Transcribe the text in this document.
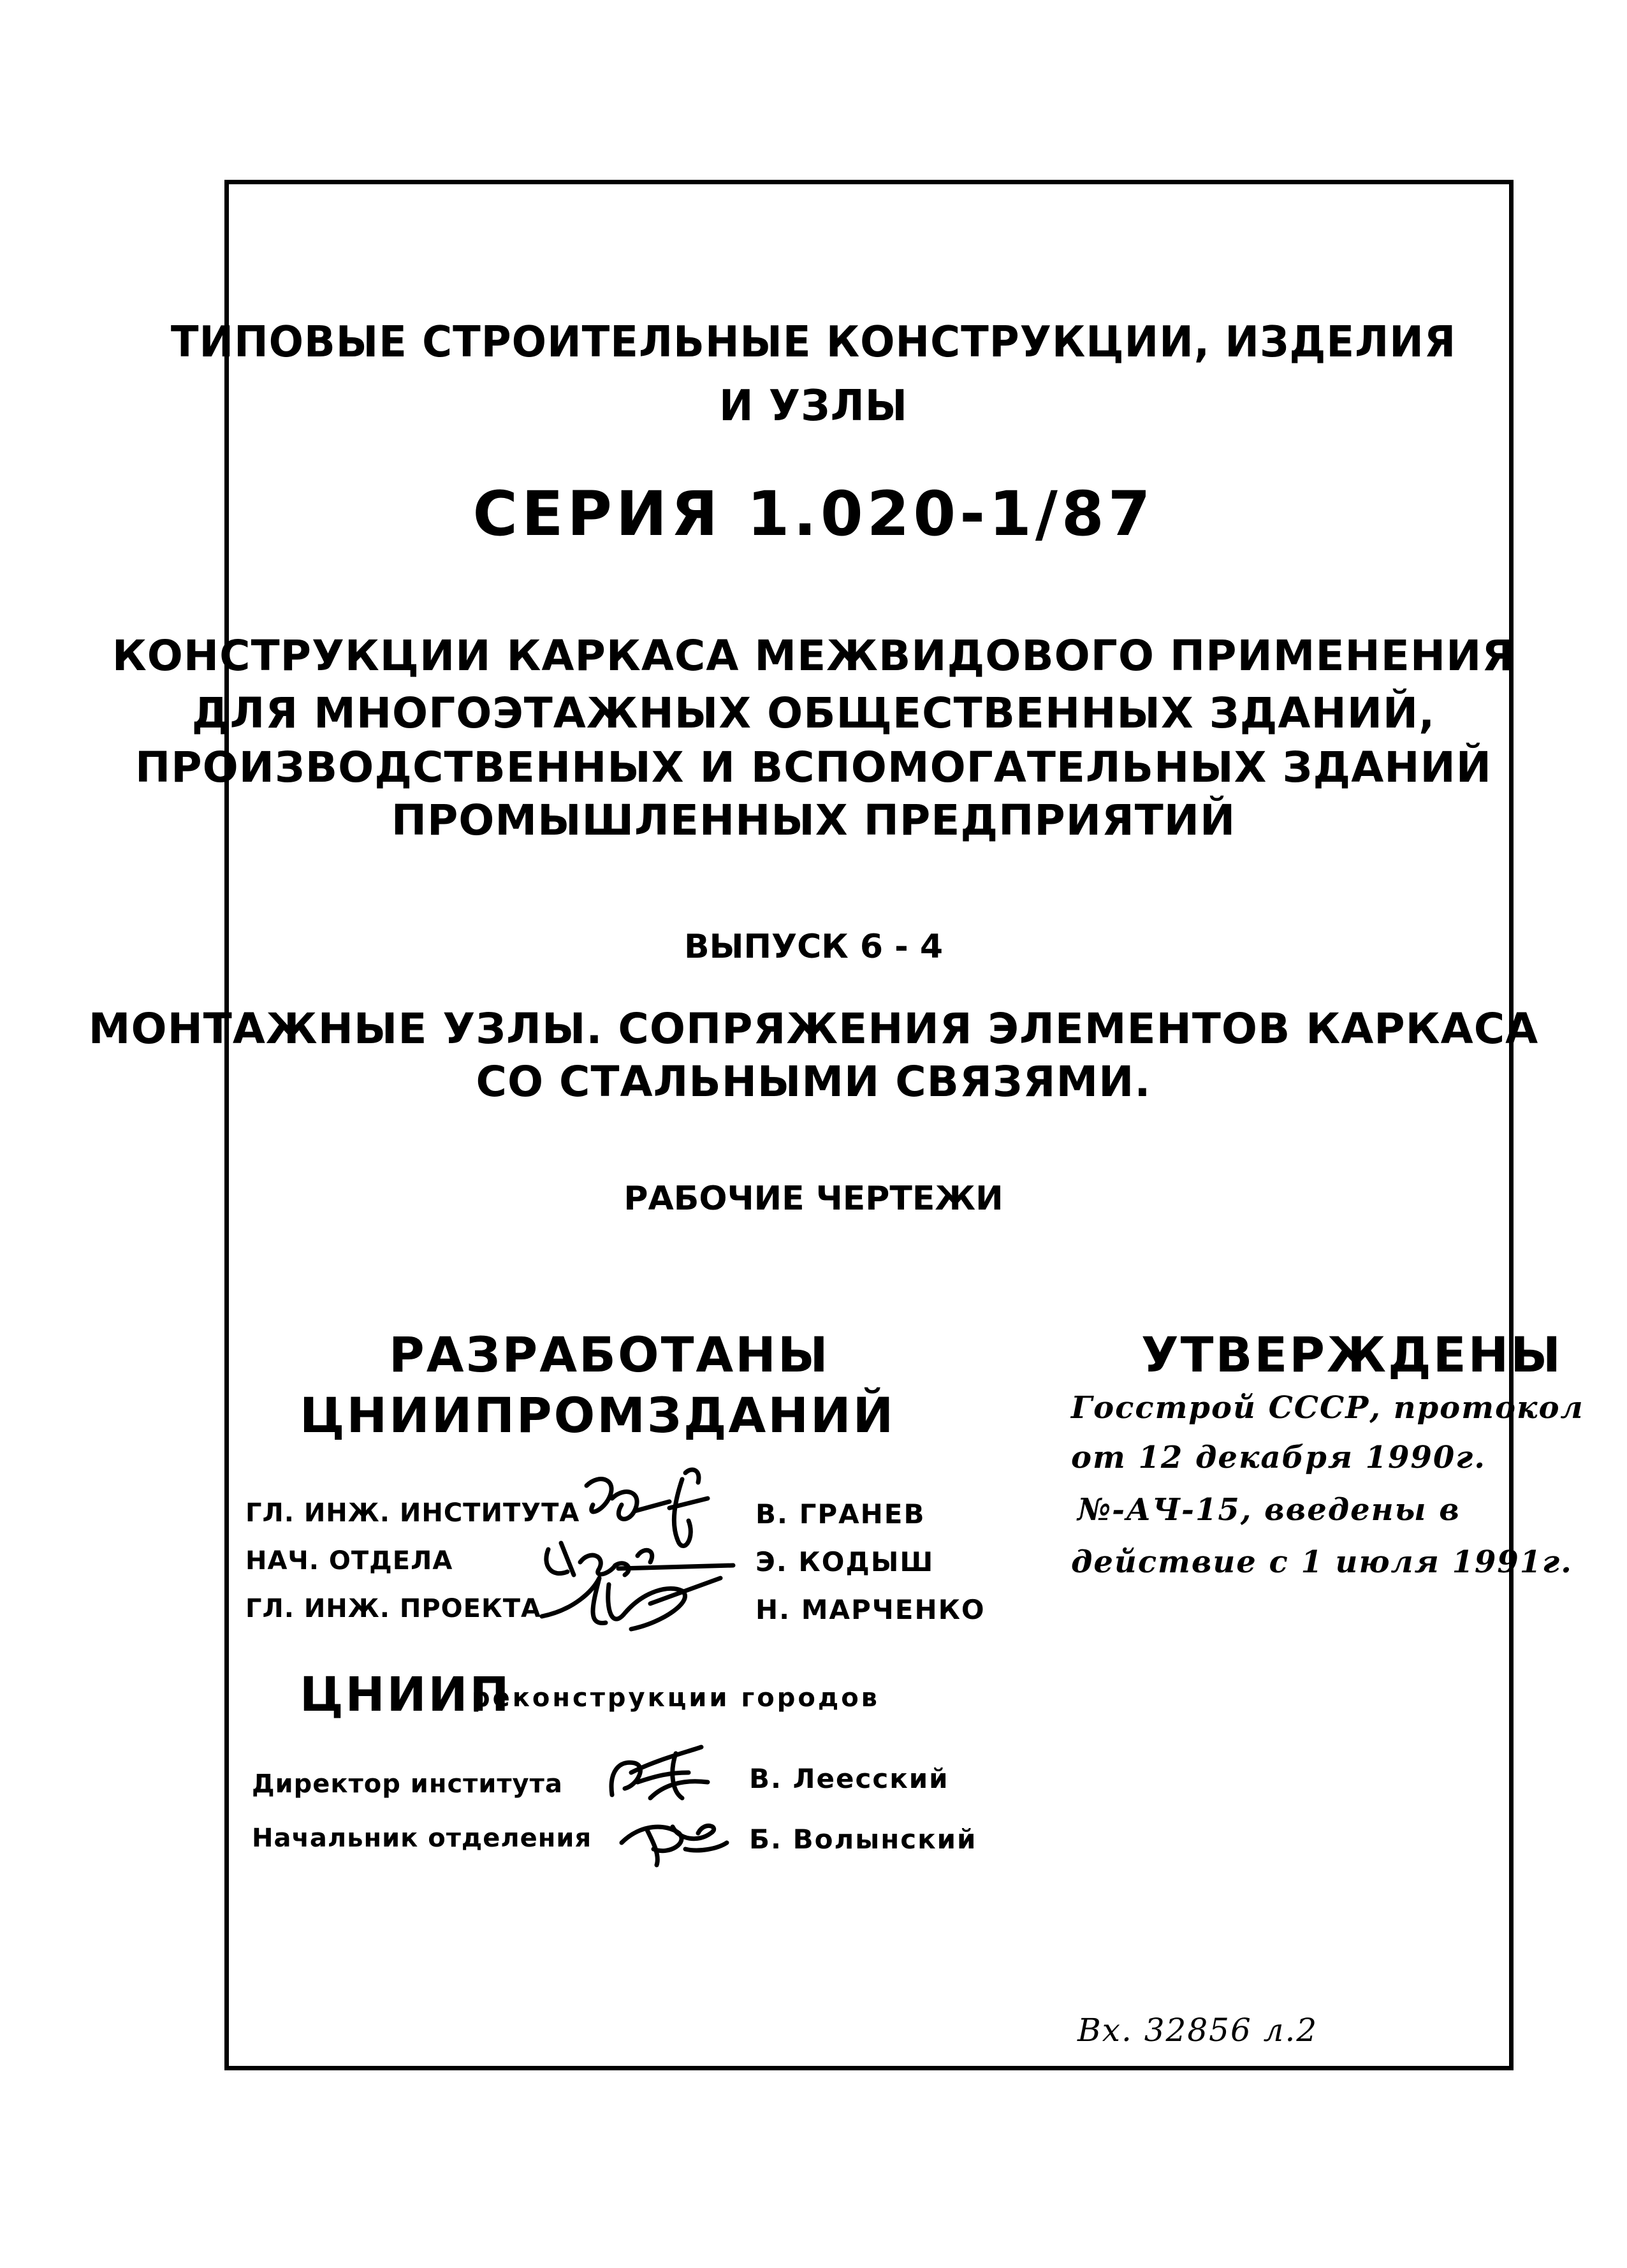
ТИПОВЫЕ СТРОИТЕЛЬНЫЕ КОНСТРУКЦИИ, ИЗДЕЛИЯ
И УЗЛЫ
СЕРИЯ 1.020-1/87
КОНСТРУКЦИИ КАРКАСА МЕЖВИДОВОГО ПРИМЕНЕНИЯ
ДЛЯ МНОГОЭТАЖНЫХ ОБЩЕСТВЕННЫХ ЗДАНИЙ,
ПРОИЗВОДСТВЕННЫХ И ВСПОМОГАТЕЛЬНЫХ ЗДАНИЙ
ПРОМЫШЛЕННЫХ ПРЕДПРИЯТИЙ
ВЫПУСК 6 - 4
МОНТАЖНЫЕ УЗЛЫ. СОПРЯЖЕНИЯ ЭЛЕМЕНТОВ КАРКАСА
СО СТАЛЬНЫМИ СВЯЗЯМИ.
РАБОЧИЕ ЧЕРТЕЖИ
РАЗРАБОТАНЫ
ЦНИИПРОМЗДАНИЙ
ГЛ. ИНЖ. ИНСТИТУТА
НАЧ. ОТДЕЛА
ГЛ. ИНЖ. ПРОЕКТА
В. ГРАНЕВ
Э. КОДЫШ
Н. МАРЧЕНКО
УТВЕРЖДЕНЫ
Госстрой СССР, протокол
от 12 декабря 1990г.
№-АЧ-15, введены в
действие с 1 июля 1991г.
ЦНИИП
реконструкции городов
Директор института
Начальник отделения
В. Леесский
Б. Волынский
Вх. 32856 л.2
